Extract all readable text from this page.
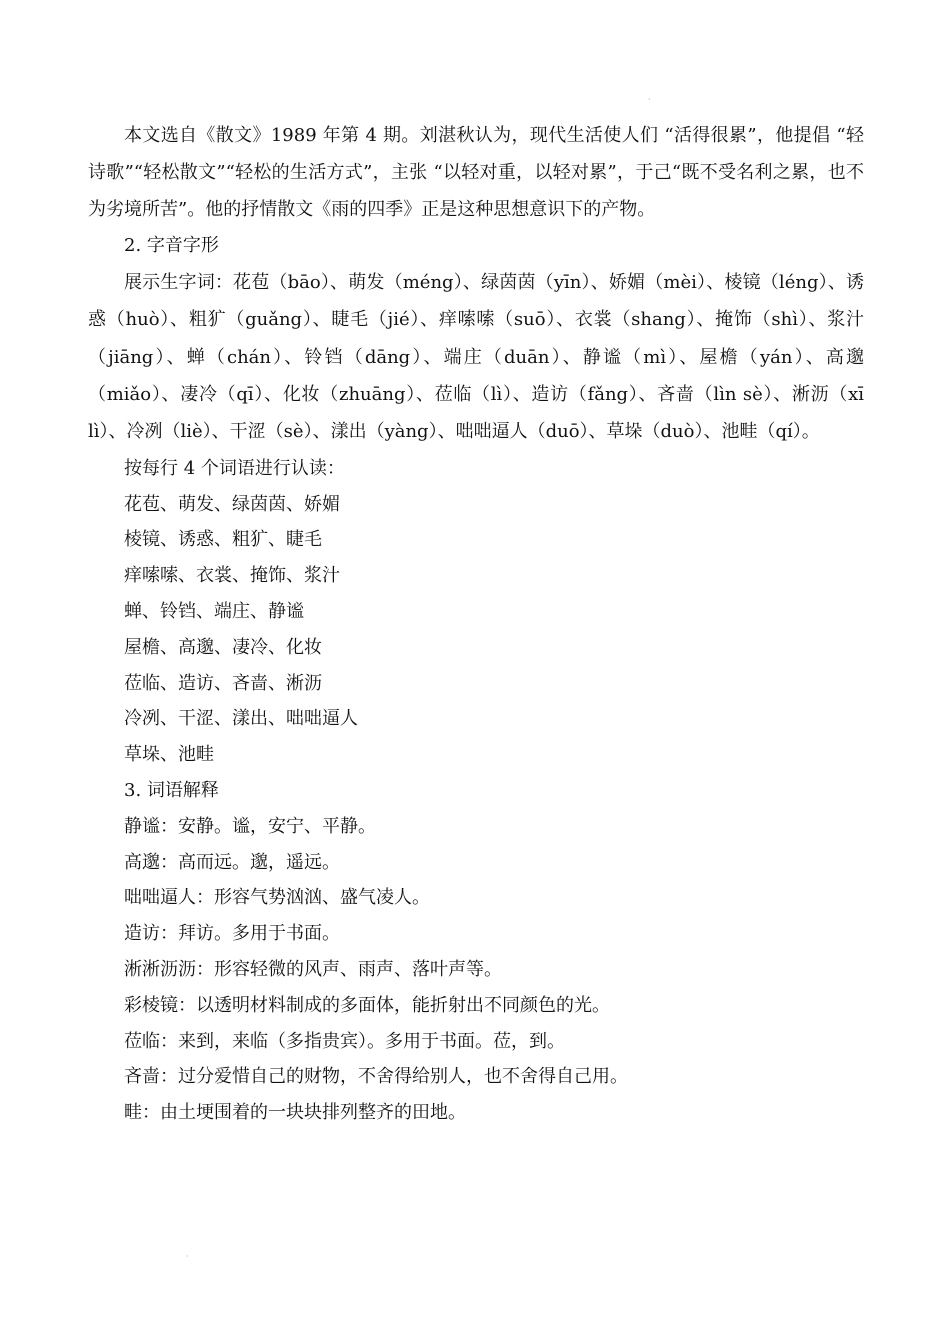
·

本文选自《散文》1989 年第 4 期。刘湛秋认为，现代生活使人们 “活得很累”，他提倡 “轻诗歌”“轻松散文”“轻松的生活方式”，主张 “以轻对重，以轻对累”，于己“既不受名利之累，也不为劣境所苦”。他的抒情散文《雨的四季》正是这种思想意识下的产物。

2. 字音字形

展示生字词：花苞（bāo）、萌发（méng）、绿茵茵（yīn）、娇媚（mèi）、棱镜（léng）、诱惑（huò）、粗犷（guǎng）、睫毛（jié）、痒嗦嗦（suō）、衣裳（shang）、掩饰（shì）、浆汁（jiāng）、蝉（chán）、铃铛（dāng）、端庄（duān）、静谧（mì）、屋檐（yán）、高邈（miǎo）、凄冷（qī）、化妆（zhuāng）、莅临（lì）、造访（fǎng）、吝啬（lìn sè）、淅沥（xī lì）、冷冽（liè）、干涩（sè）、漾出（yàng）、咄咄逼人（duō）、草垛（duò）、池畦（qí）。

按每行 4 个词语进行认读：

花苞、萌发、绿茵茵、娇媚

棱镜、诱惑、粗犷、睫毛

痒嗦嗦、衣裳、掩饰、浆汁

蝉、铃铛、端庄、静谧

屋檐、高邈、凄冷、化妆

莅临、造访、吝啬、淅沥

冷冽、干涩、漾出、咄咄逼人

草垛、池畦

3. 词语解释

静谧：安静。谧，安宁、平静。

高邈：高而远。邈，遥远。

咄咄逼人：形容气势汹汹、盛气凌人。

造访：拜访。多用于书面。

淅淅沥沥：形容轻微的风声、雨声、落叶声等。

彩棱镜：以透明材料制成的多面体，能折射出不同颜色的光。

莅临：来到，来临（多指贵宾）。多用于书面。莅，到。

吝啬：过分爱惜自己的财物，不舍得给别人，也不舍得自己用。

畦：由土埂围着的一块块排列整齐的田地。

·
